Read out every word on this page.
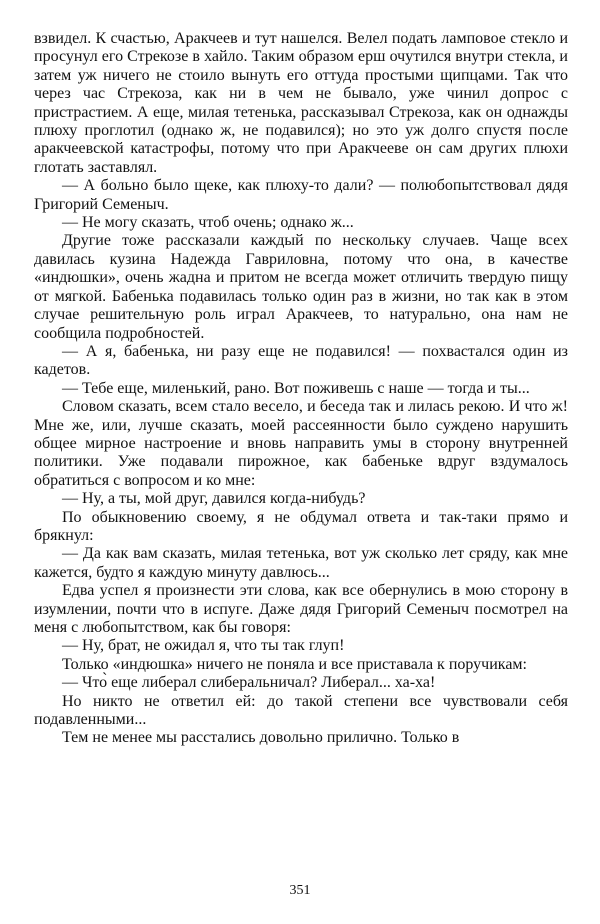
взвидел. К счастью, Аракчеев и тут нашелся. Велел подать ламповое стекло и просунул его Стрекозе в хайло. Таким образом ерш очутился внутри стекла, и затем уж ничего не стоило вынуть его оттуда простыми щипцами. Так что через час Стрекоза, как ни в чем не бывало, уже чинил допрос с пристрастием. А еще, милая тетенька, рассказывал Стрекоза, как он однажды плюху проглотил (однако ж, не подавился); но это уж долго спустя после аракчеевской катастрофы, потому что при Аракчееве он сам других плюхи глотать заставлял.

— А больно было щеке, как плюху-то дали? — полюбопытствовал дядя Григорий Семеныч.

— Не могу сказать, чтоб очень; однако ж...

Другие тоже рассказали каждый по нескольку случаев. Чаще всех давилась кузина Надежда Гавриловна, потому что она, в качестве «индюшки», очень жадна и притом не всегда может отличить твердую пищу от мягкой. Бабенька подавилась только один раз в жизни, но так как в этом случае решительную роль играл Аракчеев, то натурально, она нам не сообщила подробностей.

— А я, бабенька, ни разу еще не подавился! — похвастался один из кадетов.

— Тебе еще, миленький, рано. Вот поживешь с наше — тогда и ты...

Словом сказать, всем стало весело, и беседа так и лилась рекою. И что ж! Мне же, или, лучше сказать, моей рассеянности было суждено нарушить общее мирное настроение и вновь направить умы в сторону внутренней политики. Уже подавали пирожное, как бабеньке вдруг вздумалось обратиться с вопросом и ко мне:

— Ну, а ты, мой друг, давился когда-нибудь?

По обыкновению своему, я не обдумал ответа и так-таки прямо и брякнул:

— Да как вам сказать, милая тетенька, вот уж сколько лет сряду, как мне кажется, будто я каждую минуту давлюсь...

Едва успел я произнести эти слова, как все обернулись в мою сторону в изумлении, почти что в испуге. Даже дядя Григорий Семеныч посмотрел на меня с любопытством, как бы говоря:

— Ну, брат, не ожидал я, что ты так глуп!

Только «индюшка» ничего не поняла и все приставала к поручикам:

— Что̀ еще либерал слиберальничал? Либерал... ха-ха!

Но никто не ответил ей: до такой степени все чувствовали себя подавленными...

Тем не менее мы расстались довольно прилично. Только в

351
